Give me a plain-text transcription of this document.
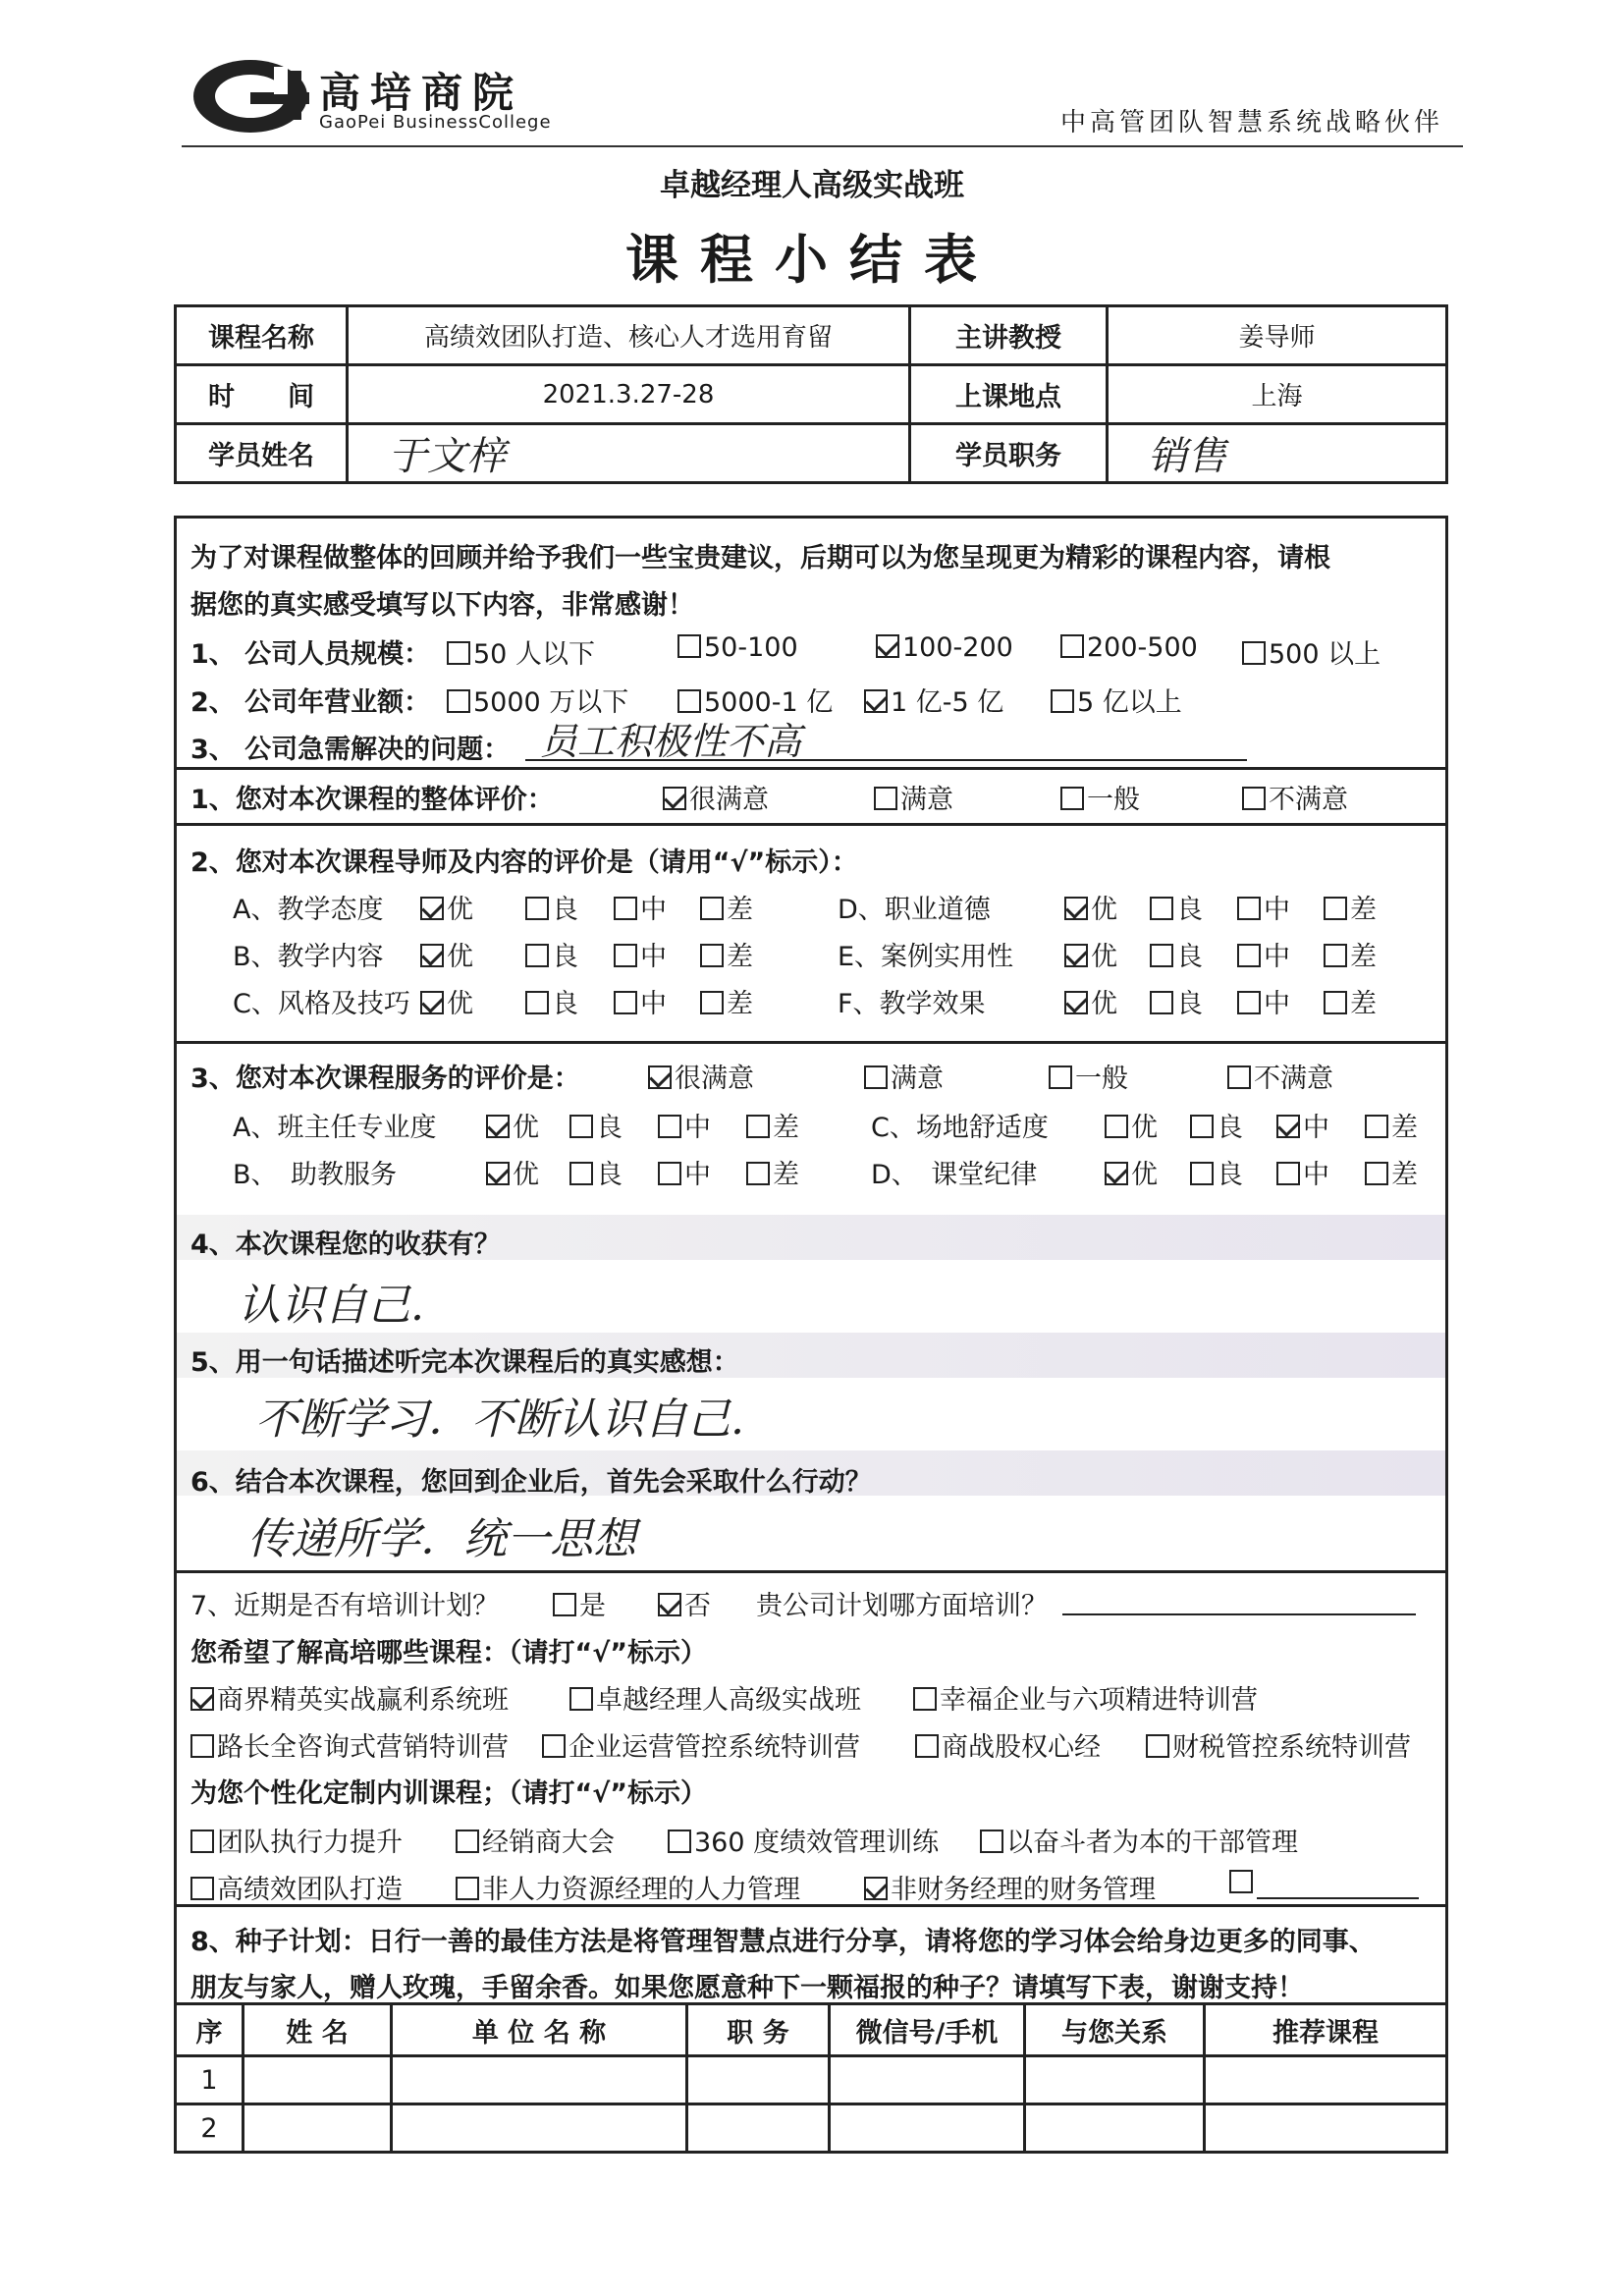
高培商院
GaoPei BusinessCollege	中高管团队智慧系统战略伙伴
卓越经理人高级实战班
课程小结表
课程名称	高绩效团队打造、核心人才选用育留	主讲教授	姜导师
时　　间	2021.3.27-28	上课地点	上海
学员姓名	于文梓	学员职务	销售
为了对课程做整体的回顾并给予我们一些宝贵建议，后期可以为您呈现更为精彩的课程内容，请根
据您的真实感受填写以下内容，非常感谢！
1、 公司人员规模：	50 人以下	50-100	100-200	200-500	500 以上
2、 公司年营业额：	5000 万以下	5000-1 亿	1 亿-5 亿	5 亿以上
3、 公司急需解决的问题： 员工积极性不高
1、您对本次课程的整体评价：	很满意	满意	一般	不满意
2、您对本次课程导师及内容的评价是（请用“√”标示）：
A、教学态度	优	良	中	差
B、教学内容	优	良	中	差
C、风格及技巧	优	良	中	差
D、职业道德	优	良	中	差
E、案例实用性	优	良	中	差
F、教学效果	优	良	中	差
3、您对本次课程服务的评价是：	很满意	满意	一般	不满意
A、班主任专业度	优	良	中	差
B、　助教服务	优	良	中	差
C、场地舒适度	优	良	中	差
D、　课堂纪律	优	良	中	差
4、本次课程您的收获有？
认识自己.
5、用一句话描述听完本次课程后的真实感想：
不断学习．不断认识自己.
6、结合本次课程，您回到企业后，首先会采取什么行动？
传递所学．统一思想
7、近期是否有培训计划？	是	否 贵公司计划哪方面培训？
您希望了解高培哪些课程：（请打“√”标示）
商界精英实战赢利系统班	卓越经理人高级实战班	幸福企业与六项精进特训营
路长全咨询式营销特训营	企业运营管控系统特训营	商战股权心经	财税管控系统特训营
为您个性化定制内训课程；（请打“√”标示）
团队执行力提升	经销商大会	360 度绩效管理训练	以奋斗者为本的干部管理
高绩效团队打造	非人力资源经理的人力管理	非财务经理的财务管理
8、种子计划：日行一善的最佳方法是将管理智慧点进行分享，请将您的学习体会给身边更多的同事、
朋友与家人，赠人玫瑰，手留余香。如果您愿意种下一颗福报的种子？请填写下表，谢谢支持！
序	姓 名	单 位 名 称	职 务	微信号/手机	与您关系	推荐课程
1						
2						
